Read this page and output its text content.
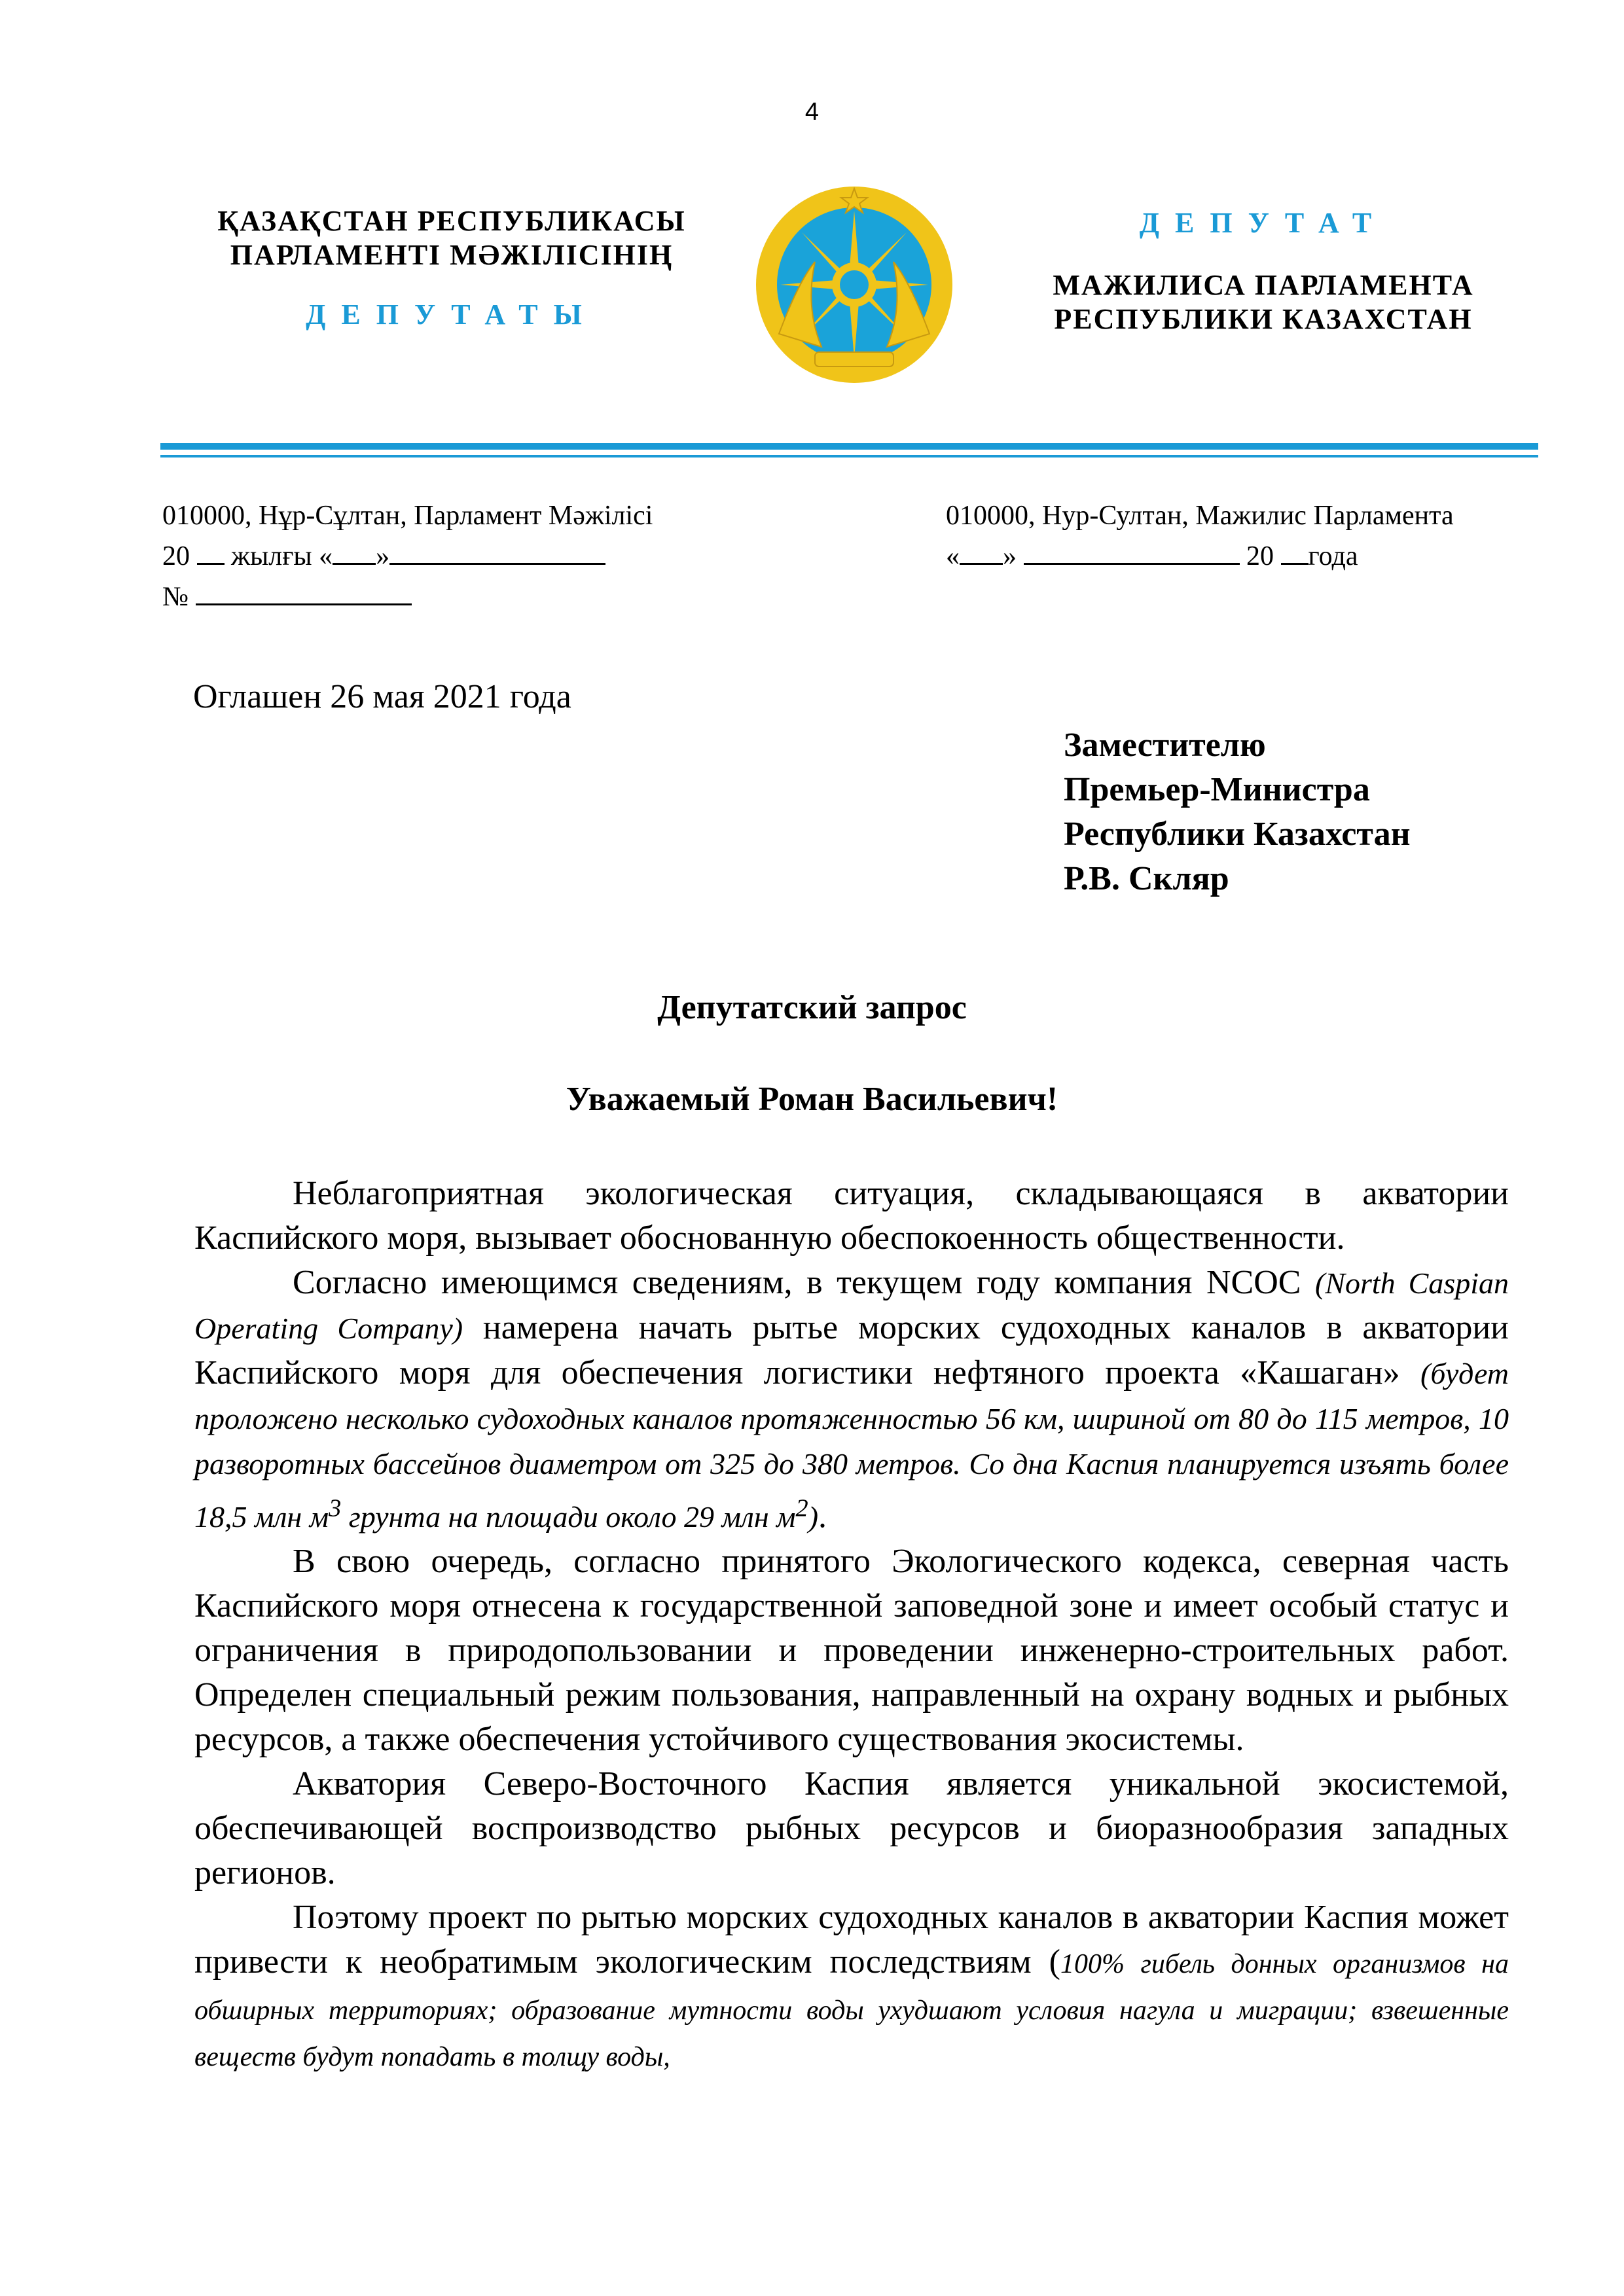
4
ҚАЗАҚСТАН РЕСПУБЛИКАСЫ
ПАРЛАМЕНТІ МӘЖІЛІСІНІҢ
ДЕПУТАТЫ
ДЕПУТАТ
МАЖИЛИСА ПАРЛАМЕНТА
РЕСПУБЛИКИ КАЗАХСТАН
010000, Нұр-Сұлтан, Парламент Мәжілісі
20 жылғы « »
№
010000, Нур-Султан, Мажилис Парламента
« »	20 года
Оглашен 26 мая 2021 года
Заместителю
Премьер-Министра
Республики Казахстан
Р.В. Скляр
Депутатский запрос
Уважаемый Роман Васильевич!

Неблагоприятная экологическая ситуация, складывающаяся в акватории Каспийского моря, вызывает обоснованную обеспокоенность общественности.

Согласно имеющимся сведениям, в текущем году компания NCOC (North Caspian Operating Company) намерена начать рытье морских судоходных каналов в акватории Каспийского моря для обеспечения логистики нефтяного проекта «Кашаган» (будет проложено несколько судоходных каналов протяженностью 56 км, шириной от 80 до 115 метров, 10 разворотных бассейнов диаметром от 325 до 380 метров. Со дна Каспия планируется изъять более 18,5 млн $м^3$ грунта на площади около 29 млн $м^2$).

В свою очередь, согласно принятого Экологического кодекса, северная часть Каспийского моря отнесена к государственной заповедной зоне и имеет особый статус и ограничения в природопользовании и проведении инженерно-строительных работ. Определен специальный режим пользования, направленный на охрану водных и рыбных ресурсов, а также обеспечения устойчивого существования экосистемы.

Акватория Северо-Восточного Каспия является уникальной экосистемой, обеспечивающей воспроизводство рыбных ресурсов и биоразнообразия западных регионов.

Поэтому проект по рытью морских судоходных каналов в акватории Каспия может привести к необратимым экологическим последствиям (100% гибель донных организмов на обширных территориях; образование мутности воды ухудшают условия нагула и миграции; взвешенные веществ будут попадать в толщу воды,
